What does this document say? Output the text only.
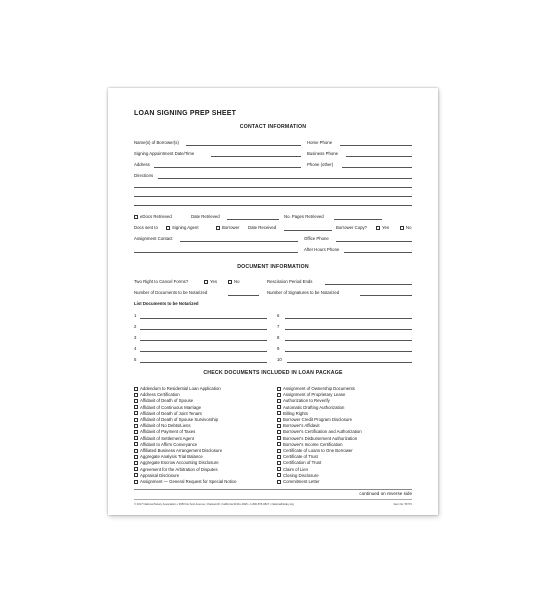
LOAN SIGNING PREP SHEET
CONTACT INFORMATION
Name(s) of Borrower(s)	Home Phone
Signing Appointment Date/Time	Business Phone
Address	Phone (other)
Directions
eDocs Retrieved	Date Retrieved	No. Pages Retrieved
Docs sent to	Signing Agent	Borrower Date Received	Borrower Copy?	Yes	No
Assignment Contact	Office Phone
After Hours Phone
DOCUMENT INFORMATION
Two Right to Cancel Forms?	Yes	No	Rescission Period Ends
Number of Documents to be Notarized	Number of Signatures to be Notarized
List Documents to be Notarized
1
2
3
4
5
6
7
8
9
10
CHECK DOCUMENTS INCLUDED IN LOAN PACKAGE
Addendum to Residential Loan Application
Address Certification
Affidavit of Death of Spouse
Affidavit of Continuous Marriage
Affidavit of Death of Joint Tenant
Affidavit of Death of Spouse Survivorship
Affidavit of No Debts/Liens
Affidavit of Payment of Taxes
Affidavit of Settlement Agent
Affidavit to Affirm Conveyance
Affiliated Business Arrangement Disclosure
Aggregate Analysis Trial Balance
Aggregate Escrow Accounting Disclosure
Agreement for the Arbitration of Disputes
Appraisal Disclosure
Assignment — General Request for Special Notice
Assignment of Ownership Documents
Assignment of Proprietary Lease
Authorization to Reverify
Automatic Drafting Authorization
Billing Rights
Borrower Credit Program Disclosure
Borrower's Affidavit
Borrower's Certification and Authorization
Borrower's Disbursement Authorization
Borrower's Income Certification
Certificate of Loans to One Borrower
Certificate of Trust
Certification of Trust
Claim of Lien
Closing Disclosure
Commitment Letter
continued on reverse side
© 2017 National Notary Association • 9350 De Soto Avenue, Chatsworth, California 91311-4926 • 1-800-876-6827 • NationalNotary.org	Item No. 56772
